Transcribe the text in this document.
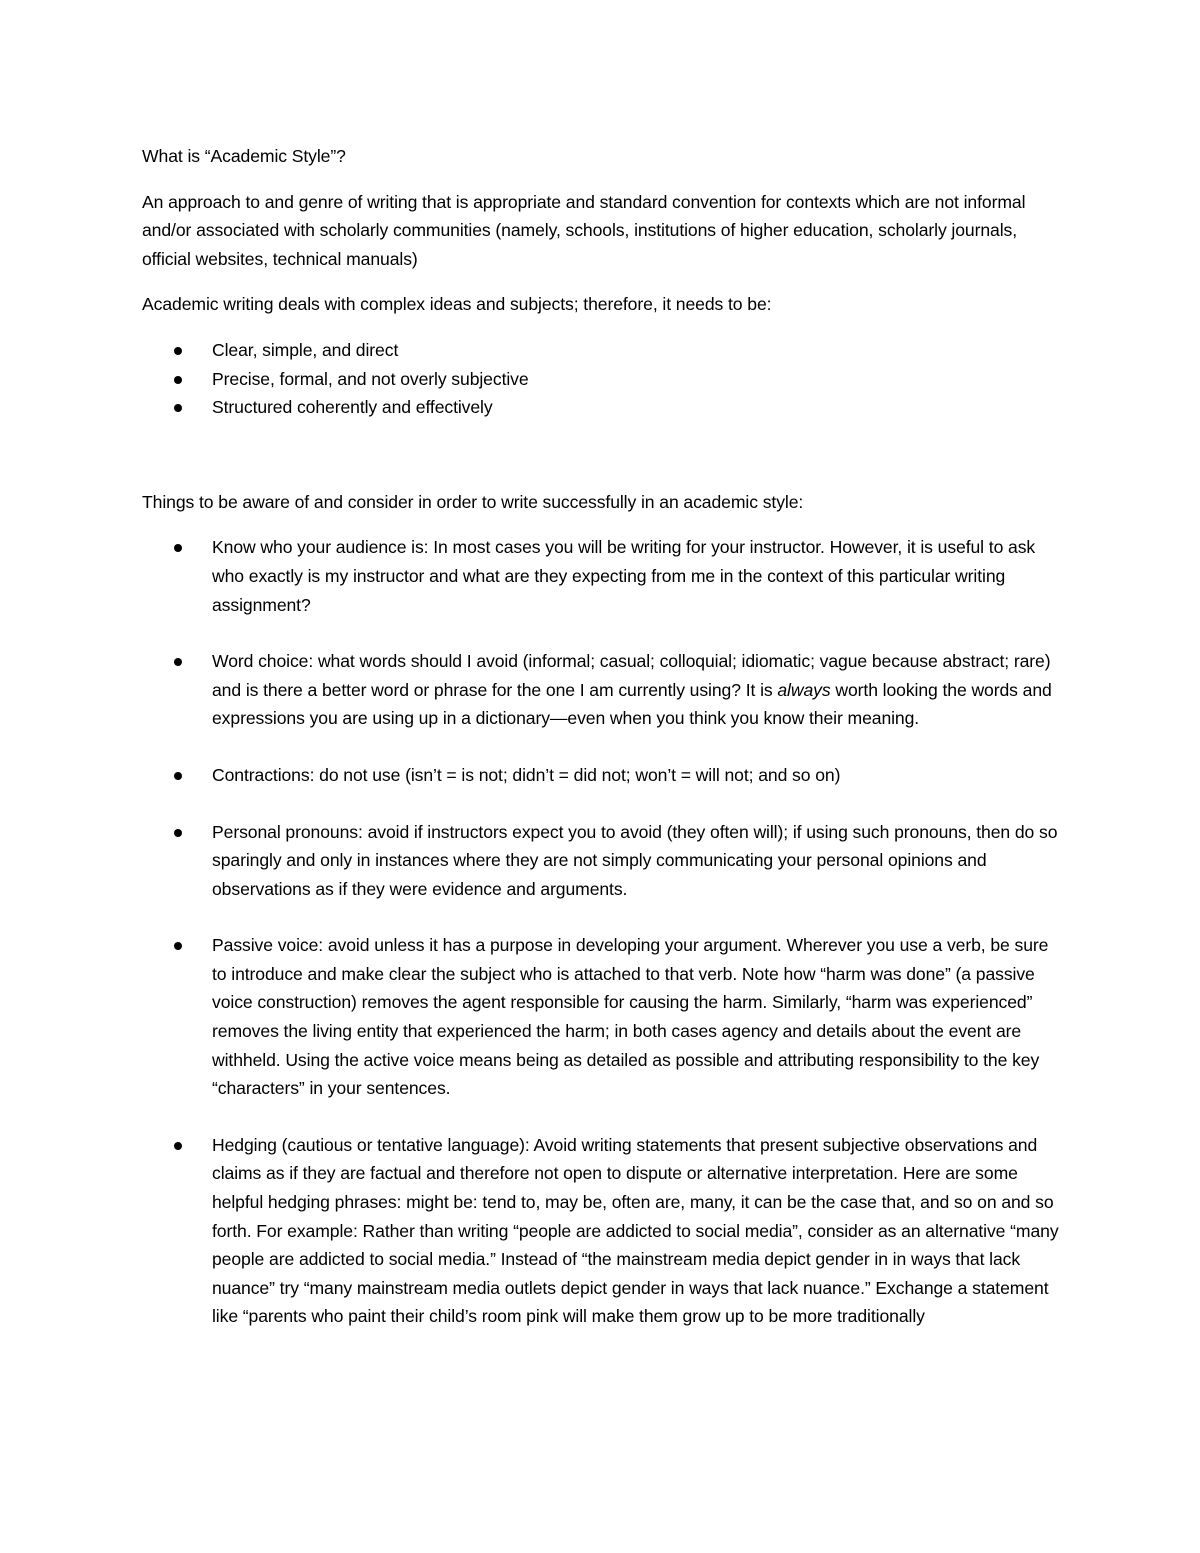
What is “Academic Style”?

An approach to and genre of writing that is appropriate and standard convention for contexts which are not informal and/or associated with scholarly communities (namely, schools, institutions of higher education, scholarly journals, official websites, technical manuals)

Academic writing deals with complex ideas and subjects; therefore, it needs to be:

Clear, simple, and direct
Precise, formal, and not overly subjective
Structured coherently and effectively

Things to be aware of and consider in order to write successfully in an academic style:

Know who your audience is: In most cases you will be writing for your instructor. However, it is useful to ask who exactly is my instructor and what are they expecting from me in the context of this particular writing assignment?
Word choice: what words should I avoid (informal; casual; colloquial; idiomatic; vague because abstract; rare) and is there a better word or phrase for the one I am currently using? It is always worth looking the words and expressions you are using up in a dictionary—even when you think you know their meaning.
Contractions: do not use (isn’t = is not; didn’t = did not; won’t = will not; and so on)
Personal pronouns: avoid if instructors expect you to avoid (they often will); if using such pronouns, then do so sparingly and only in instances where they are not simply communicating your personal opinions and observations as if they were evidence and arguments.
Passive voice: avoid unless it has a purpose in developing your argument. Wherever you use a verb, be sure to introduce and make clear the subject who is attached to that verb. Note how “harm was done” (a passive voice construction) removes the agent responsible for causing the harm. Similarly, “harm was experienced” removes the living entity that experienced the harm; in both cases agency and details about the event are withheld. Using the active voice means being as detailed as possible and attributing responsibility to the key “characters” in your sentences.
Hedging (cautious or tentative language): Avoid writing statements that present subjective observations and claims as if they are factual and therefore not open to dispute or alternative interpretation. Here are some helpful hedging phrases: might be: tend to, may be, often are, many, it can be the case that, and so on and so forth. For example: Rather than writing “people are addicted to social media”, consider as an alternative “many people are addicted to social media.” Instead of “the mainstream media depict gender in in ways that lack nuance” try “many mainstream media outlets depict gender in ways that lack nuance.” Exchange a statement like “parents who paint their child’s room pink will make them grow up to be more traditionally
